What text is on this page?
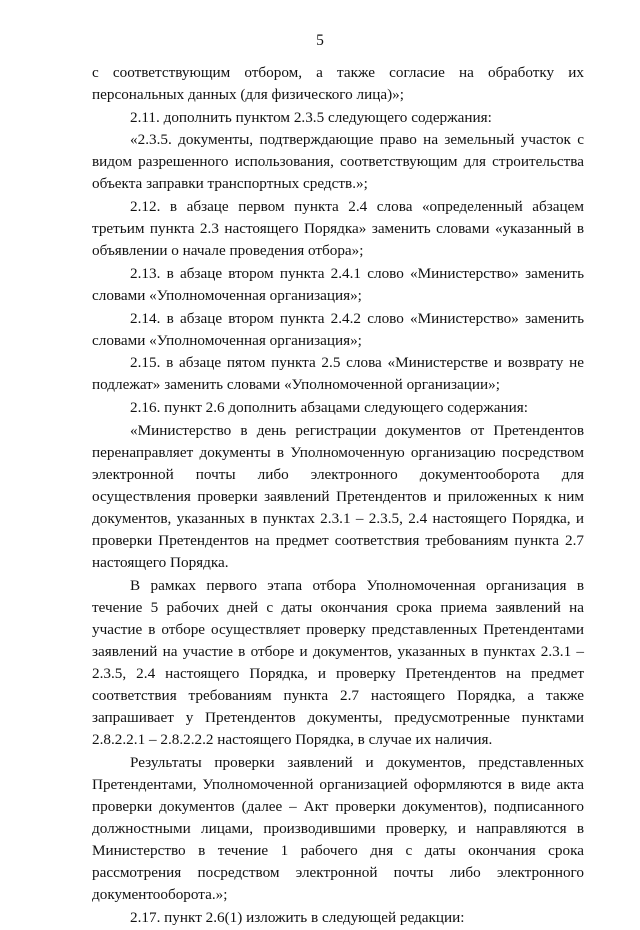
5

с соответствующим отбором, а также согласие на обработку их персональных данных (для физического лица)»;

2.11. дополнить пунктом 2.3.5 следующего содержания:

«2.3.5. документы, подтверждающие право на земельный участок с видом разрешенного использования, соответствующим для строительства объекта заправки транспортных средств.»;

2.12. в абзаце первом пункта 2.4 слова «определенный абзацем третьим пункта 2.3 настоящего Порядка» заменить словами «указанный в объявлении о начале проведения отбора»;

2.13. в абзаце втором пункта 2.4.1 слово «Министерство» заменить словами «Уполномоченная организация»;

2.14. в абзаце втором пункта 2.4.2 слово «Министерство» заменить словами «Уполномоченная организация»;

2.15. в абзаце пятом пункта 2.5 слова «Министерстве и возврату не подлежат» заменить словами «Уполномоченной организации»;

2.16. пункт 2.6 дополнить абзацами следующего содержания:

«Министерство в день регистрации документов от Претендентов перенаправляет документы в Уполномоченную организацию посредством электронной почты либо электронного документооборота для осуществления проверки заявлений Претендентов и приложенных к ним документов, указанных в пунктах 2.3.1 – 2.3.5, 2.4 настоящего Порядка, и проверки Претендентов на предмет соответствия требованиям пункта 2.7 настоящего Порядка.

В рамках первого этапа отбора Уполномоченная организация в течение 5 рабочих дней с даты окончания срока приема заявлений на участие в отборе осуществляет проверку представленных Претендентами заявлений на участие в отборе и документов, указанных в пунктах 2.3.1 – 2.3.5, 2.4 настоящего Порядка, и проверку Претендентов на предмет соответствия требованиям пункта 2.7 настоящего Порядка, а также запрашивает у Претендентов документы, предусмотренные пунктами 2.8.2.2.1 – 2.8.2.2.2 настоящего Порядка, в случае их наличия.

Результаты проверки заявлений и документов, представленных Претендентами, Уполномоченной организацией оформляются в виде акта проверки документов (далее – Акт проверки документов), подписанного должностными лицами, производившими проверку, и направляются в Министерство в течение 1 рабочего дня с даты окончания срока рассмотрения посредством электронной почты либо электронного документооборота.»;

2.17. пункт 2.6(1) изложить в следующей редакции:
